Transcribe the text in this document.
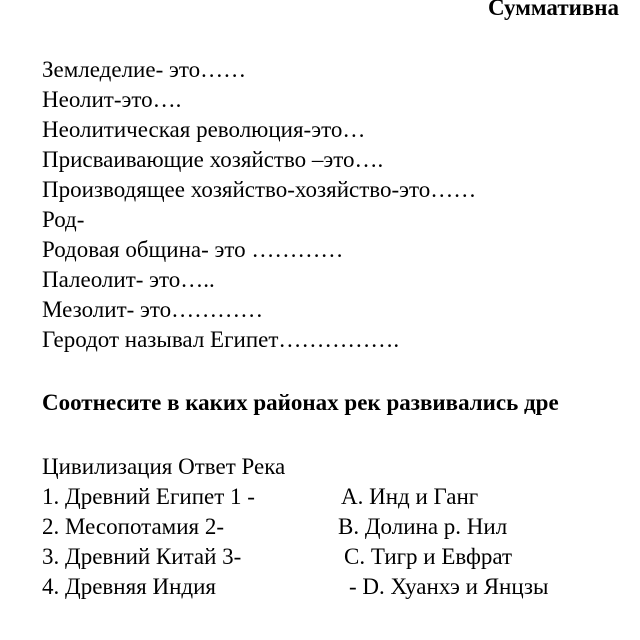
Суммативна
Земледелие- это……
Неолит-это….
Неолитическая революция-это…
Присваивающие хозяйство –это….
Производящее хозяйство-хозяйство-это……
Род-
Родовая община- это …………
Палеолит- это…..
Мезолит- это…………
Геродот называл Египет…………….
Соотнесите в каких районах рек развивались дре
Цивилизация Ответ Река
1. Древний Египет 1 -	A. Инд и Ганг
2. Месопотамия 2-	B. Долина р. Нил
3. Древний Китай 3-	C. Тигр и Евфрат
4. Древняя Индия	- D. Хуанхэ и Янцзы
